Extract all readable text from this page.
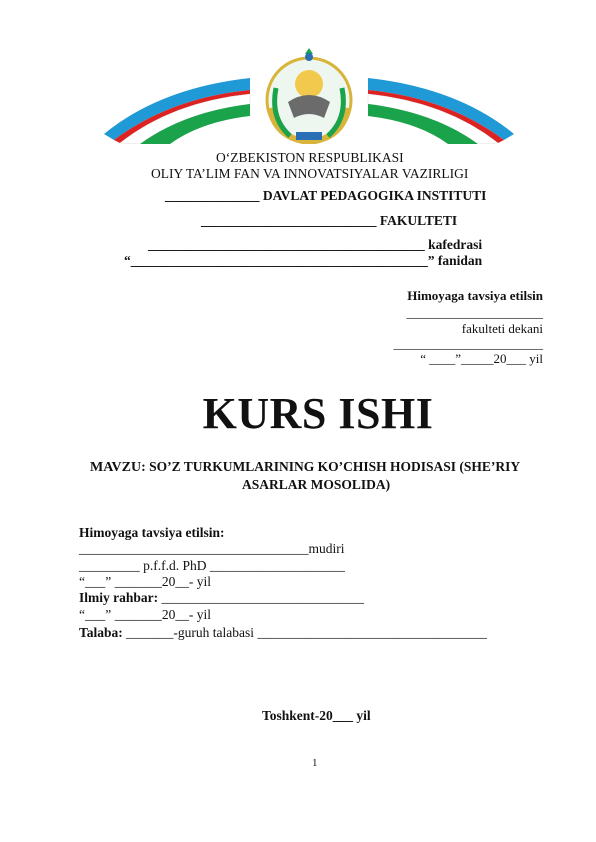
O‘ZBEKISTON RESPUBLIKASI
OLIY TA’LIM FAN VA INNOVATSIYALAR VAZIRLIGI
______________ DAVLAT PEDAGOGIKA INSTITUTI
__________________________ FAKULTETI
_________________________________________ kafedrasi
“____________________________________________” fanidan
Himoyaga tavsiya etilsin
_____________________
fakulteti dekani
_______________________
“ ____”_____20___ yil
KURS ISHI
MAVZU: SO’Z TURKUMLARINING KO’CHISH HODISASI (SHE’RIY
ASARLAR MOSOLIDA)
Himoyaga tavsiya etilsin:
__________________________________mudiri
_________ p.f.f.d. PhD ____________________
“___” _______20__- yil
Ilmiy rahbar: ______________________________
“___” _______20__- yil
Talaba: _______-guruh talabasi __________________________________
Toshkent-20___ yil
1
